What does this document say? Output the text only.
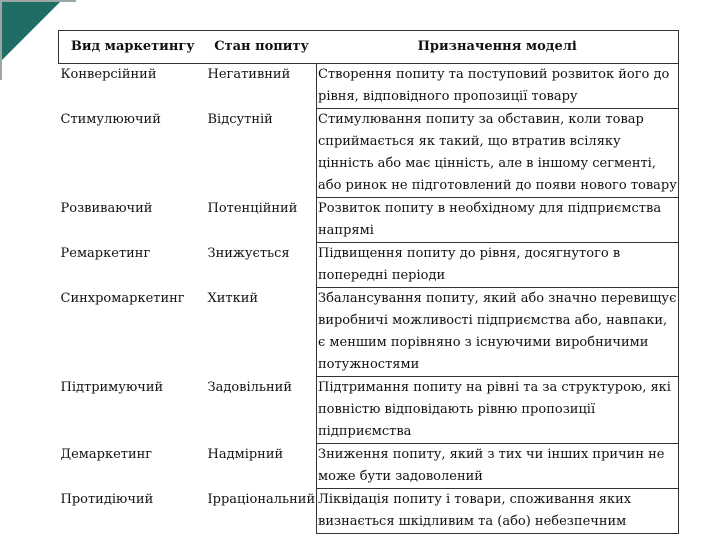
Вид маркетингу	Стан попиту	Призначення моделі
Конверсійний	Негативний	Створення попиту та поступовий розвиток його до рівня, відповідного пропозиції товару
Стимулюючий	Відсутній	Стимулювання попиту за обставин, коли товар сприймається як такий, що втратив всіляку цінність або має цінність, але в іншому сегменті, або ринок не підготовлений до появи нового товару
Розвиваючий	Потенційний	Розвиток попиту в необхідному для підприємства напрямі
Ремаркетинг	Знижується	Підвищення попиту до рівня, досягнутого в попередні періоди
Синхромаркетинг	Хиткий	Збалансування попиту, який або значно перевищує виробничі можливості підприємства або, навпаки, є меншим порівняно з існуючими виробничими потужностями
Підтримуючий	Задовільний	Підтримання попиту на рівні та за структурою, які повністю відповідають рівню пропозиції підприємства
Демаркетинг	Надмірний	Зниження попиту, який з тих чи інших причин не може бути задоволений
Протидіючий	Ірраціональний	Ліквідація попиту і товари, споживання яких визнається шкідливим та (або) небезпечним
